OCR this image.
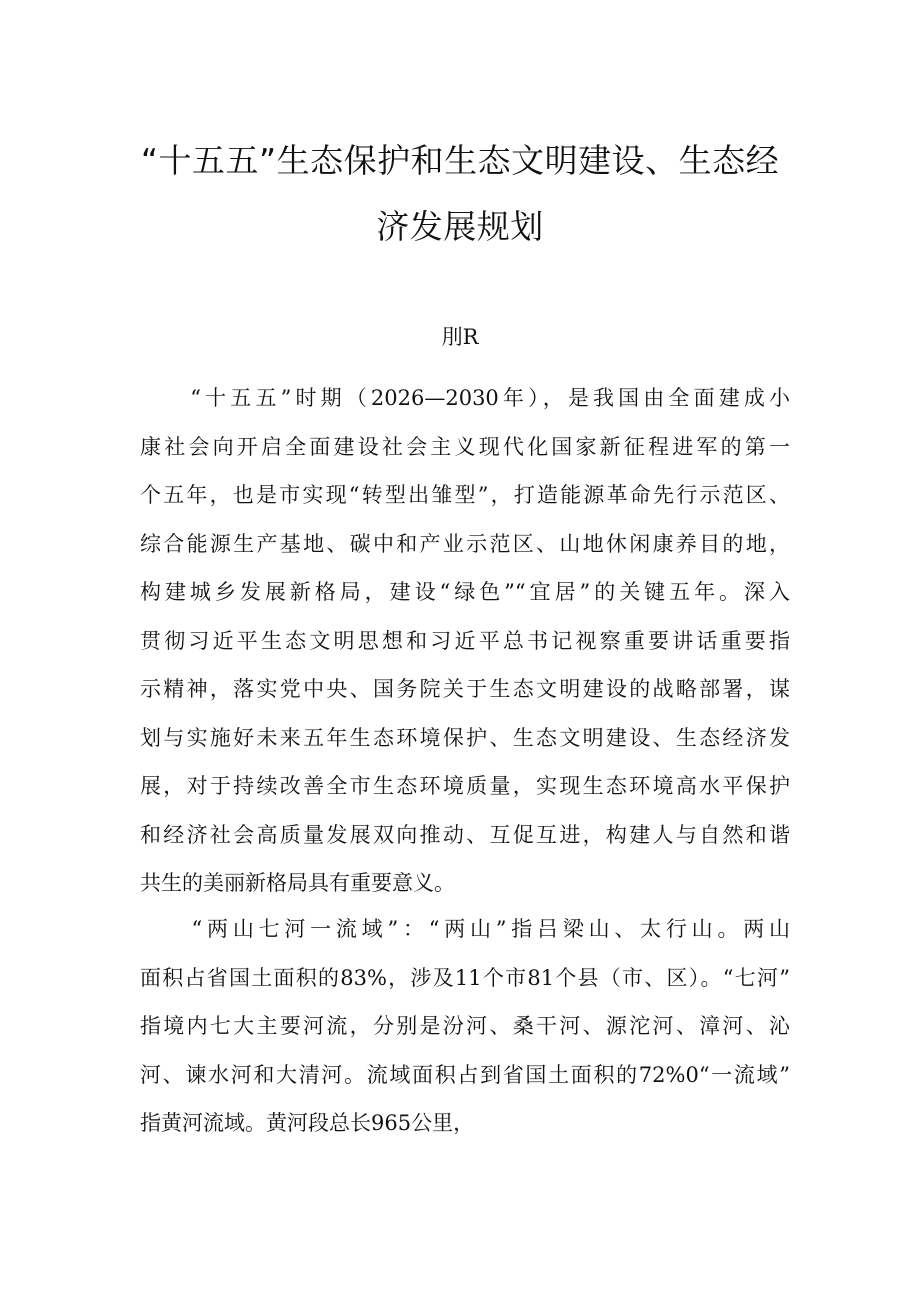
“十五五”生态保护和生态文明建设、生态经
济发展规划

刖R

　　“十五五”时期（2026—2030年），是我国由全面建成小
康社会向开启全面建设社会主义现代化国家新征程进军的第一
个五年，也是市实现“转型出雏型”，打造能源革命先行示范区、
综合能源生产基地、碳中和产业示范区、山地休闲康养目的地，
构建城乡发展新格局，建设“绿色”“宜居”的关键五年。深入
贯彻习近平生态文明思想和习近平总书记视察重要讲话重要指
示精神，落实党中央、国务院关于生态文明建设的战略部署，谋
划与实施好未来五年生态环境保护、生态文明建设、生态经济发
展，对于持续改善全市生态环境质量，实现生态环境高水平保护
和经济社会高质量发展双向推动、互促互进，构建人与自然和谐
共生的美丽新格局具有重要意义。
　　“两山七河一流域”：“两山”指吕梁山、太行山。两山
面积占省国土面积的83%，涉及11个市81个县（市、区）。“七河”
指境内七大主要河流，分别是汾河、桑干河、源沱河、漳河、沁
河、谏水河和大清河。流域面积占到省国土面积的72%0“一流域”
指黄河流域。黄河段总长965公里，
